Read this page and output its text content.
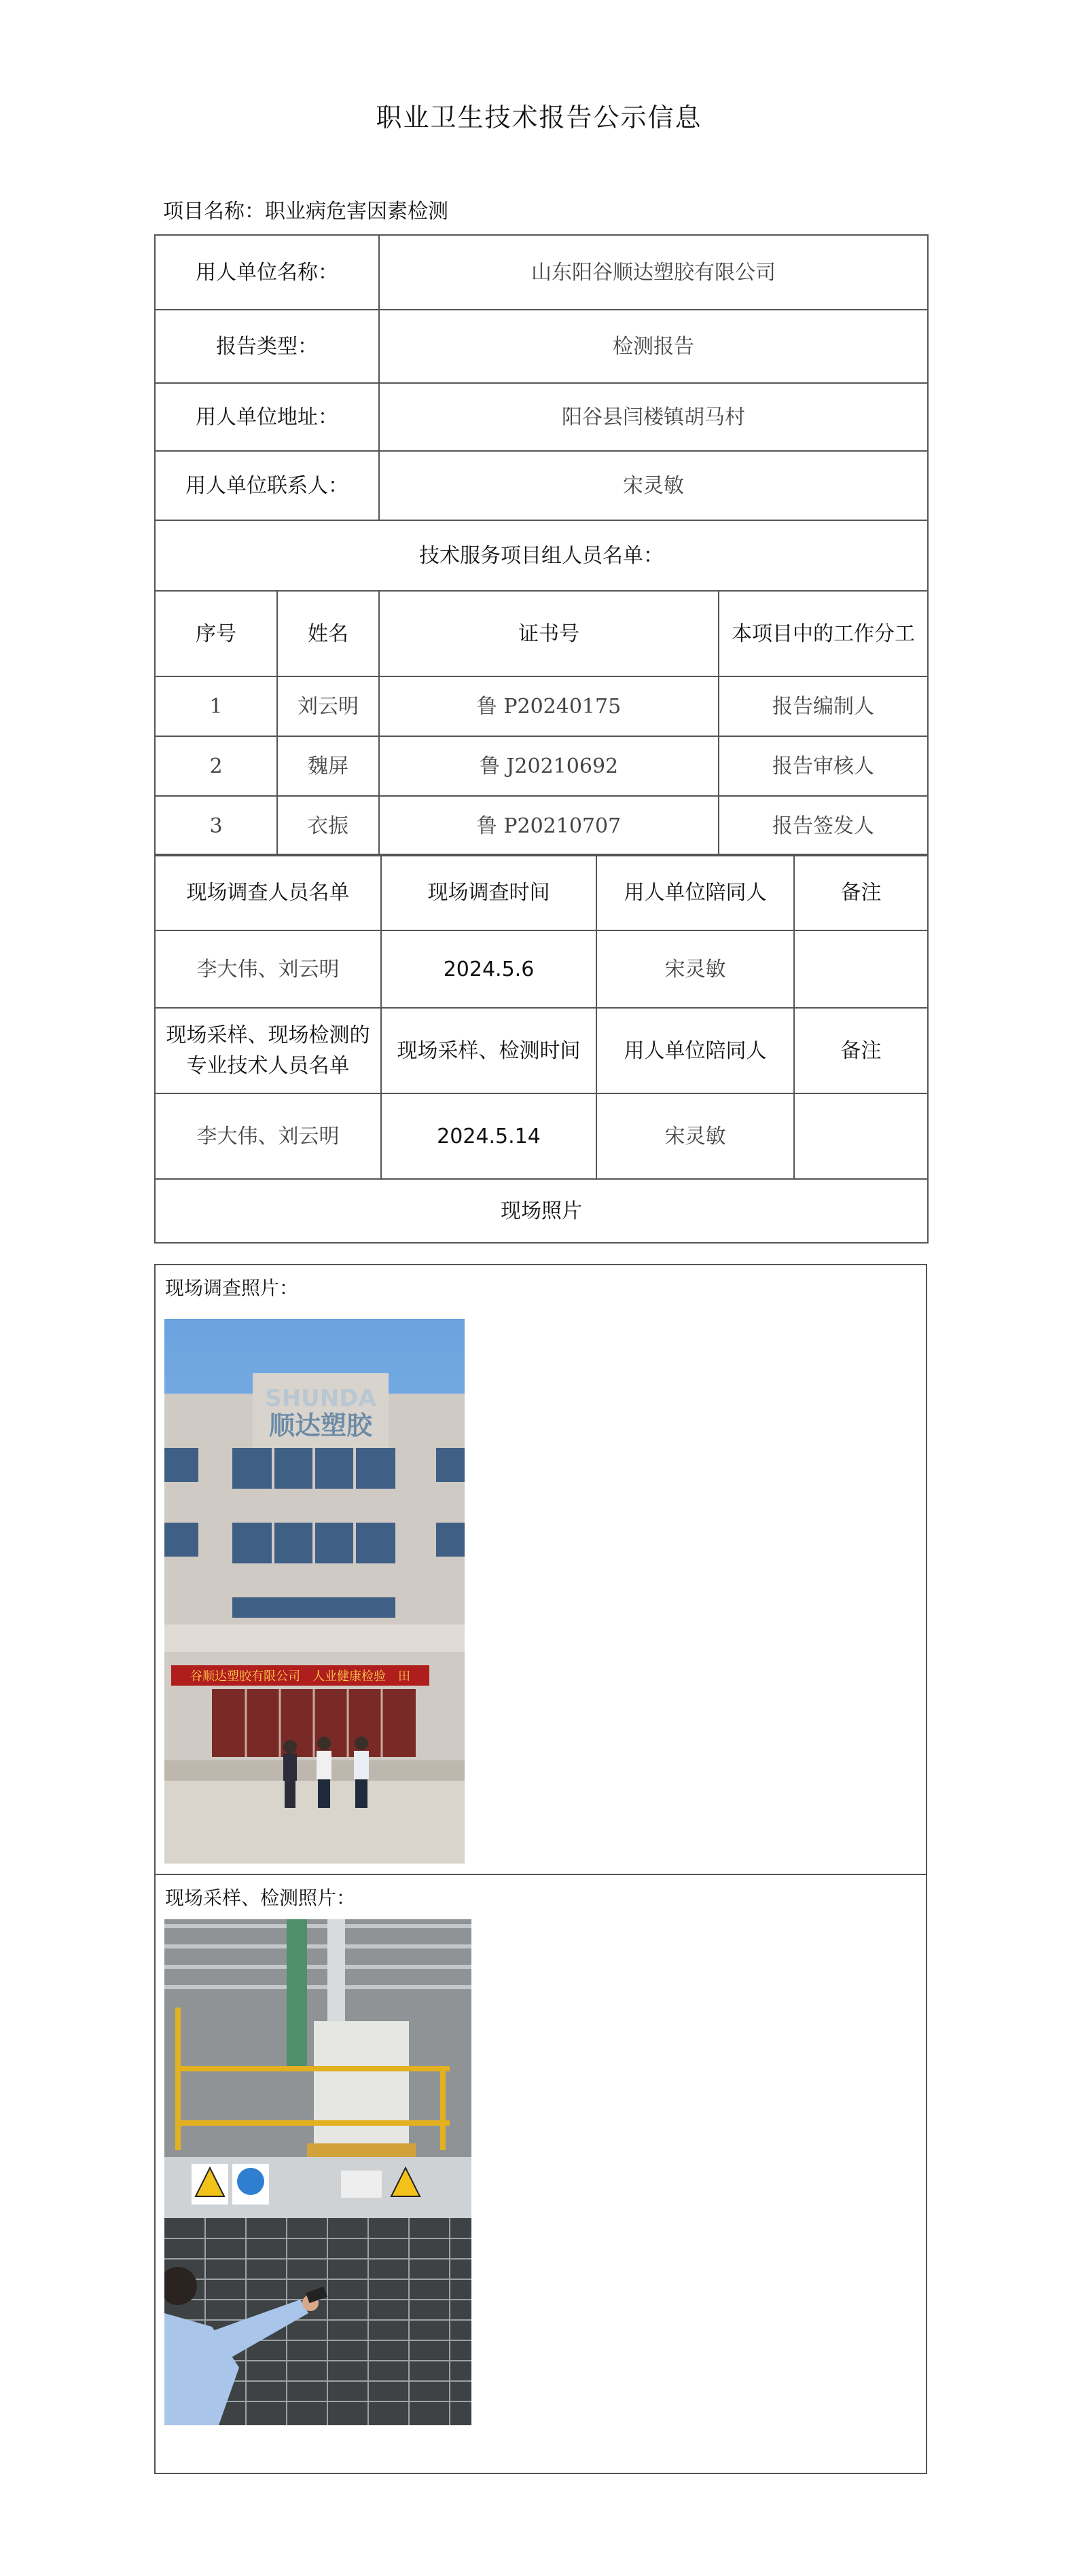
职业卫生技术报告公示信息
项目名称：职业病危害因素检测
用人单位名称：		山东阳谷顺达塑胶有限公司	
报告类型：		检测报告	
用人单位地址：		阳谷县闫楼镇胡马村	
用人单位联系人：		宋灵敏	
技术服务项目组人员名单：			
序号	姓名	证书号	本项目中的工作分工
1	刘云明	鲁 P20240175	报告编制人
2	魏屏	鲁 J20210692	报告审核人
3	衣振	鲁 P20210707	报告签发人
现场调查人员名单	现场调查时间	用人单位陪同人	备注
李大伟、刘云明	2024.5.6	宋灵敏	
现场采样、现场检测的专业技术人员名单	现场采样、检测时间	用人单位陪同人	备注
李大伟、刘云明	2024.5.14	宋灵敏	
现场照片			
现场调查照片：
SHUNDA
顺达塑胶
谷顺达塑胶有限公司　人业健康检验　田
现场采样、检测照片：
